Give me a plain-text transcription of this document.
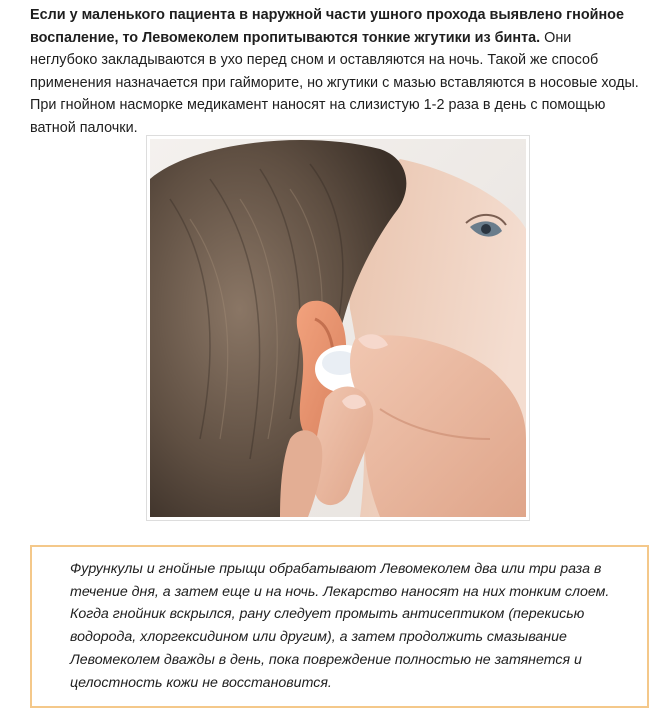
Если у маленького пациента в наружной части ушного прохода выявлено гнойное воспаление, то Левомеколем пропитываются тонкие жгутики из бинта. Они неглубоко закладываются в ухо перед сном и оставляются на ночь. Такой же способ применения назначается при гайморите, но жгутики с мазью вставляются в носовые ходы. При гнойном насморке медикамент наносят на слизистую 1-2 раза в день с помощью ватной палочки.

Фурункулы и гнойные прыщи обрабатывают Левомеколем два или три раза в течение дня, а затем еще и на ночь. Лекарство наносят на них тонким слоем. Когда гнойник вскрылся, рану следует промыть антисептиком (перекисью водорода, хлоргексидином или другим), а затем продолжить смазывание Левомеколем дважды в день, пока повреждение полностью не затянется и целостность кожи не восстановится.
